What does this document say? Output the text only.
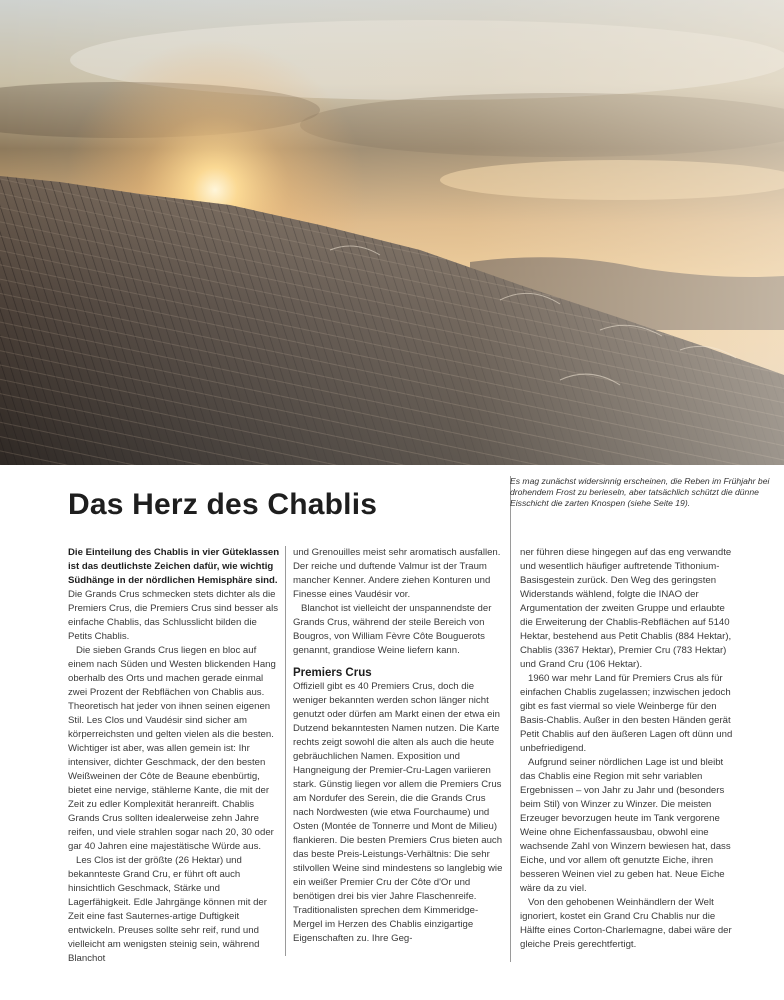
Es mag zunächst widersinnig erscheinen, die Reben im Frühjahr bei drohendem Frost zu berieseln, aber tatsächlich schützt die dünne Eisschicht die zarten Knospen (siehe Seite 19).
Das Herz des Chablis

Die Einteilung des Chablis in vier Güteklassen ist das deutlichste Zeichen dafür, wie wichtig Südhänge in der nördlichen Hemisphäre sind. Die Grands Crus schmecken stets dichter als die Premiers Crus, die Premiers Crus sind besser als einfache Chablis, das Schlusslicht bilden die Petits Chablis.

Die sieben Grands Crus liegen en bloc auf einem nach Süden und Westen blickenden Hang oberhalb des Orts und machen gerade einmal zwei Prozent der Rebflächen von Chablis aus. Theoretisch hat jeder von ihnen seinen eigenen Stil. Les Clos und Vaudésir sind sicher am körperreichsten und gelten vielen als die besten. Wichtiger ist aber, was allen gemein ist: Ihr intensiver, dichter Geschmack, der den besten Weißweinen der Côte de Beaune ebenbürtig, bietet eine nervige, stählerne Kante, die mit der Zeit zu edler Komplexität heranreift. Chablis Grands Crus sollten idealerweise zehn Jahre reifen, und viele strahlen sogar nach 20, 30 oder gar 40 Jahren eine majestätische Würde aus.

Les Clos ist der größte (26 Hektar) und bekannteste Grand Cru, er führt oft auch hinsichtlich Geschmack, Stärke und Lagerfähigkeit. Edle Jahrgänge können mit der Zeit eine fast Sauternes-artige Duftigkeit entwickeln. Preuses sollte sehr reif, rund und vielleicht am wenigsten steinig sein, während Blanchot

und Grenouilles meist sehr aromatisch ausfallen. Der reiche und duftende Valmur ist der Traum mancher Kenner. Andere ziehen Konturen und Finesse eines Vaudésir vor.

Blanchot ist vielleicht der unspannendste der Grands Crus, während der steile Bereich von Bougros, von William Fèvre Côte Bouguerots genannt, grandiose Weine liefern kann.

Premiers Crus

Offiziell gibt es 40 Premiers Crus, doch die weniger bekannten werden schon länger nicht genutzt oder dürfen am Markt einen der etwa ein Dutzend bekanntesten Namen nutzen. Die Karte rechts zeigt sowohl die alten als auch die heute gebräuchlichen Namen. Exposition und Hangneigung der Premier-Cru-Lagen variieren stark. Günstig liegen vor allem die Premiers Crus am Nordufer des Serein, die die Grands Crus nach Nordwesten (wie etwa Fourchaume) und Osten (Montée de Tonnerre und Mont de Milieu) flankieren. Die besten Premiers Crus bieten auch das beste Preis-Leistungs-Verhältnis: Die sehr stilvollen Weine sind mindestens so langlebig wie ein weißer Premier Cru der Côte d'Or und benötigen drei bis vier Jahre Flaschenreife. Traditionalisten sprechen dem Kimmeridge-Mergel im Herzen des Chablis einzigartige Eigenschaften zu. Ihre Geg-

ner führen diese hingegen auf das eng verwandte und wesentlich häufiger auftretende Tithonium-Basisgestein zurück. Den Weg des geringsten Widerstands wählend, folgte die INAO der Argumentation der zweiten Gruppe und erlaubte die Erweiterung der Chablis-Rebflächen auf 5140 Hektar, bestehend aus Petit Chablis (884 Hektar), Chablis (3367 Hektar), Premier Cru (783 Hektar) und Grand Cru (106 Hektar).

1960 war mehr Land für Premiers Crus als für einfachen Chablis zugelassen; inzwischen jedoch gibt es fast viermal so viele Weinberge für den Basis-Chablis. Außer in den besten Händen gerät Petit Chablis auf den äußeren Lagen oft dünn und unbefriedigend.

Aufgrund seiner nördlichen Lage ist und bleibt das Chablis eine Region mit sehr variablen Ergebnissen – von Jahr zu Jahr und (besonders beim Stil) von Winzer zu Winzer. Die meisten Erzeuger bevorzugen heute im Tank vergorene Weine ohne Eichenfassausbau, obwohl eine wachsende Zahl von Winzern bewiesen hat, dass Eiche, und vor allem oft genutzte Eiche, ihren besseren Weinen viel zu geben hat. Neue Eiche wäre da zu viel.

Von den gehobenen Weinhändlern der Welt ignoriert, kostet ein Grand Cru Chablis nur die Hälfte eines Corton-Charlemagne, dabei wäre der gleiche Preis gerechtfertigt.
